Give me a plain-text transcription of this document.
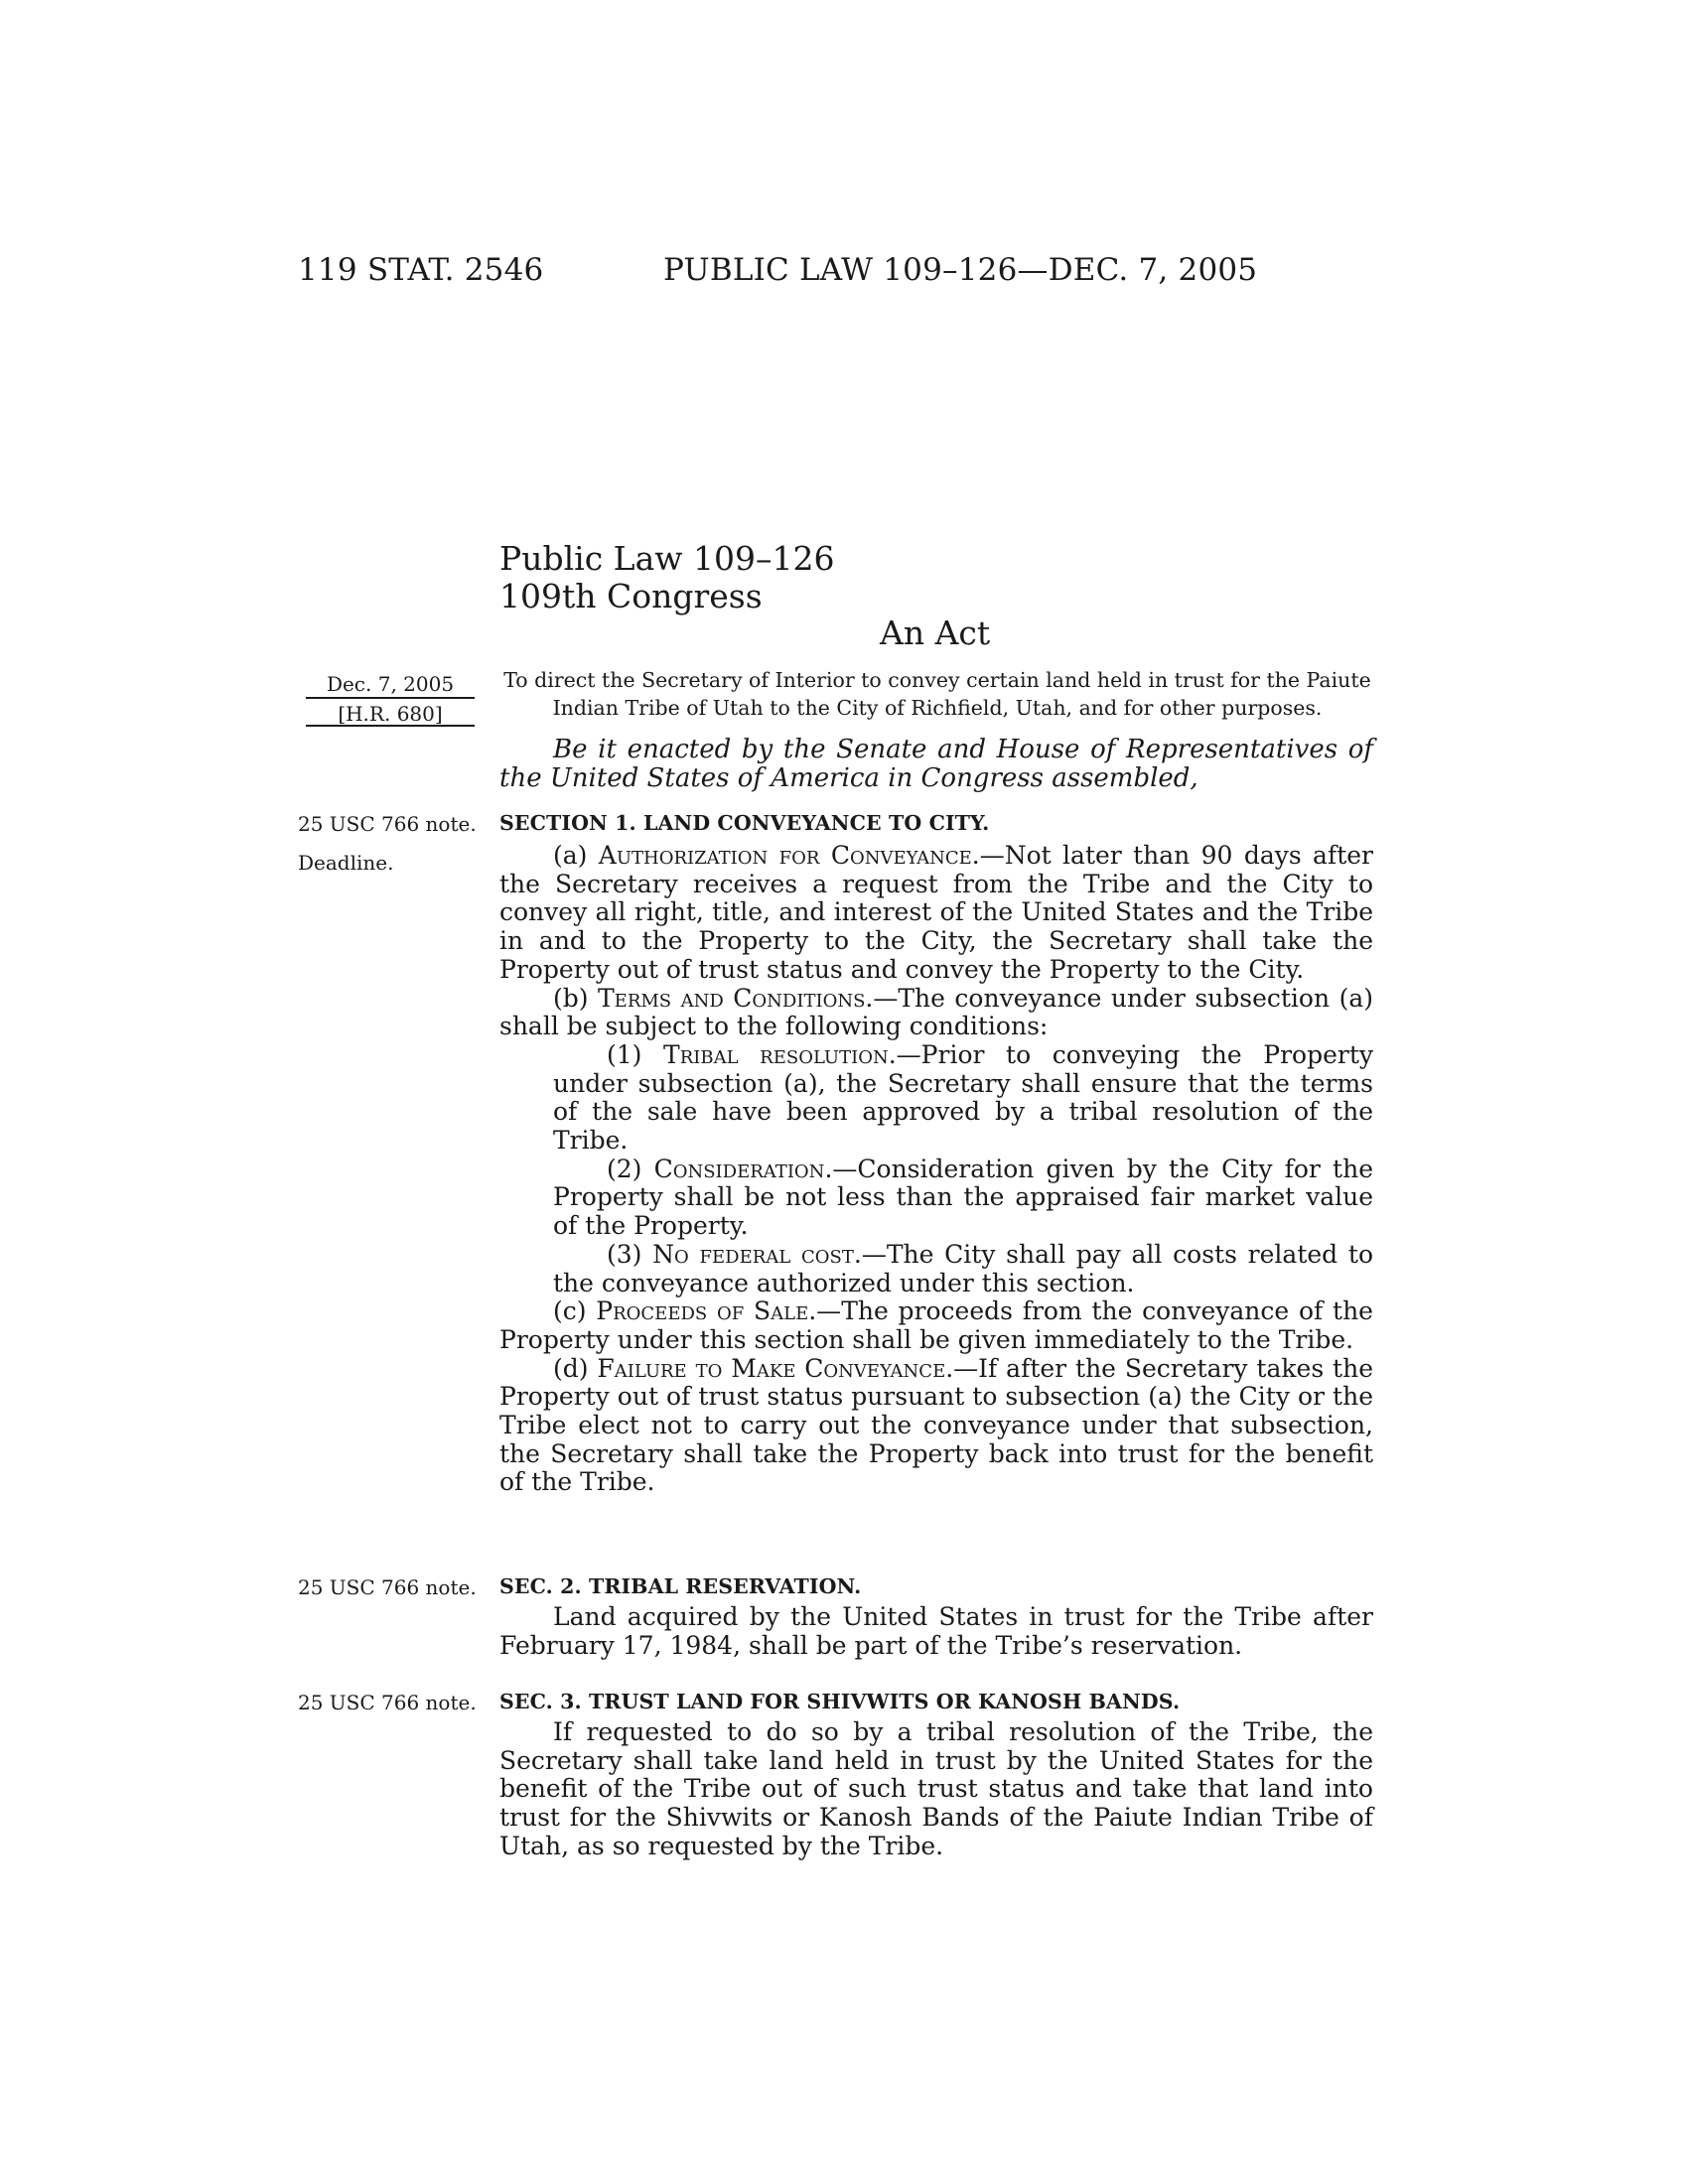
119 STAT. 2546	PUBLIC LAW 109–126—DEC. 7, 2005
Public Law 109–126
109th Congress
An Act
Dec. 7, 2005
[H.R. 680]
To direct the Secretary of Interior to convey certain land held in trust for the Paiute Indian Tribe of Utah to the City of Richfield, Utah, and for other purposes.

Be it enacted by the Senate and House of Representatives of the United States of America in Congress assembled,

25 USC 766 note.
Deadline.
25 USC 766 note.
25 USC 766 note.
SECTION 1. LAND CONVEYANCE TO CITY.

(a) Authorization for Conveyance.—Not later than 90 days after the Secretary receives a request from the Tribe and the City to convey all right, title, and interest of the United States and the Tribe in and to the Property to the City, the Secretary shall take the Property out of trust status and convey the Property to the City.

(b) Terms and Conditions.—The conveyance under subsection (a) shall be subject to the following conditions:

(1) Tribal resolution.—Prior to conveying the Property under subsection (a), the Secretary shall ensure that the terms of the sale have been approved by a tribal resolution of the Tribe.

(2) Consideration.—Consideration given by the City for the Property shall be not less than the appraised fair market value of the Property.

(3) No federal cost.—The City shall pay all costs related to the conveyance authorized under this section.

(c) Proceeds of Sale.—The proceeds from the conveyance of the Property under this section shall be given immediately to the Tribe.

(d) Failure to Make Conveyance.—If after the Secretary takes the Property out of trust status pursuant to subsection (a) the City or the Tribe elect not to carry out the conveyance under that subsection, the Secretary shall take the Property back into trust for the benefit of the Tribe.

SEC. 2. TRIBAL RESERVATION.

Land acquired by the United States in trust for the Tribe after February 17, 1984, shall be part of the Tribe’s reservation.

SEC. 3. TRUST LAND FOR SHIVWITS OR KANOSH BANDS.

If requested to do so by a tribal resolution of the Tribe, the Secretary shall take land held in trust by the United States for the benefit of the Tribe out of such trust status and take that land into trust for the Shivwits or Kanosh Bands of the Paiute Indian Tribe of Utah, as so requested by the Tribe.
